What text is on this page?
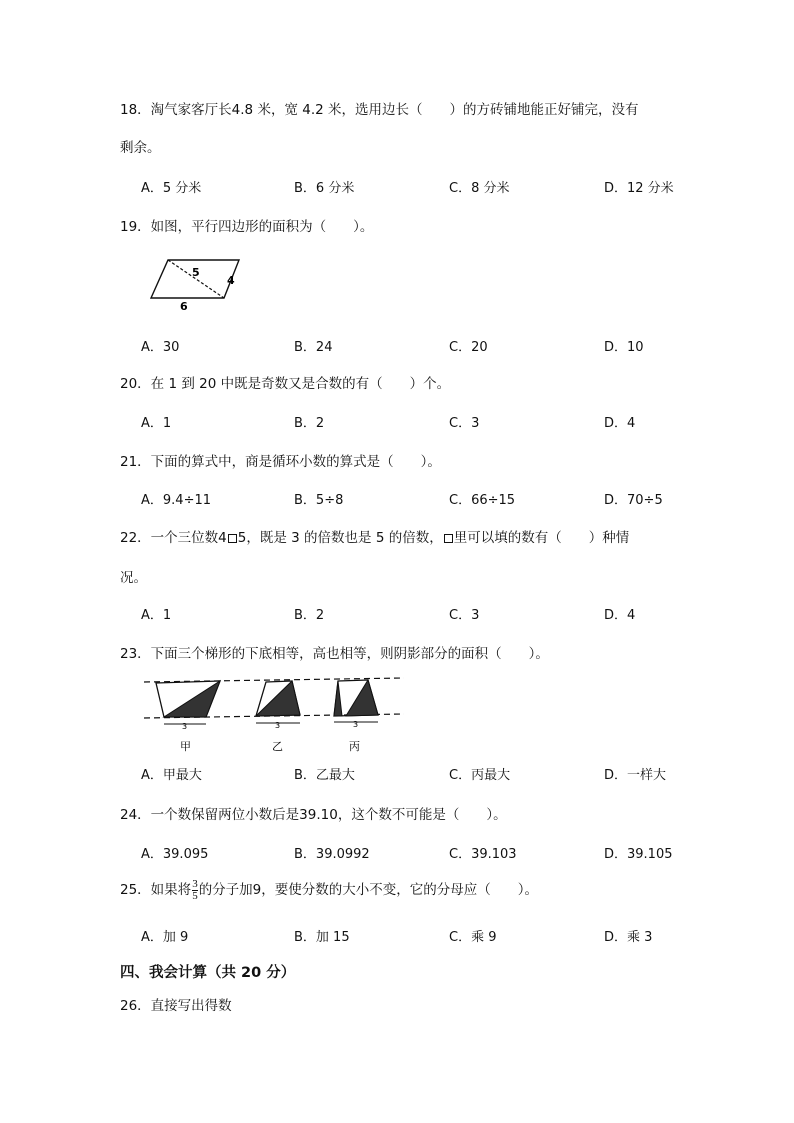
18．淘气家客厅长4.8 米，宽 4.2 米，选用边长（　　）的方砖铺地能正好铺完，没有
剩余。
A．5 分米	B．6 分米	C．8 分米	D．12 分米
19．如图，平行四边形的面积为（　　）。
5
4
6
A．30	B．24	C．20	D．10
20．在 1 到 20 中既是奇数又是合数的有（　　）个。
A．1	B．2	C．3	D．4
21．下面的算式中，商是循环小数的算式是（　　）。
A．9.4÷11	B．5÷8	C．66÷15	D．70÷5
22．一个三位数4 5，既是 3 的倍数也是 5 的倍数， 里可以填的数有（　　）种情
况。
A．1	B．2	C．3	D．4
23．下面三个梯形的下底相等，高也相等，则阴影部分的面积（　　）。
3	3	3
甲	乙	丙
A．甲最大	B．乙最大	C．丙最大	D．一样大
24．一个数保留两位小数后是39.10，这个数不可能是（　　）。
A．39.095	B．39.0992	C．39.103	D．39.105
25．如果将$\frac{3}{5}$的分子加9，要使分数的大小不变，它的分母应（　　）。
A．加 9	B．加 15	C．乘 9	D．乘 3
四、我会计算（共 20 分）
26．直接写出得数
